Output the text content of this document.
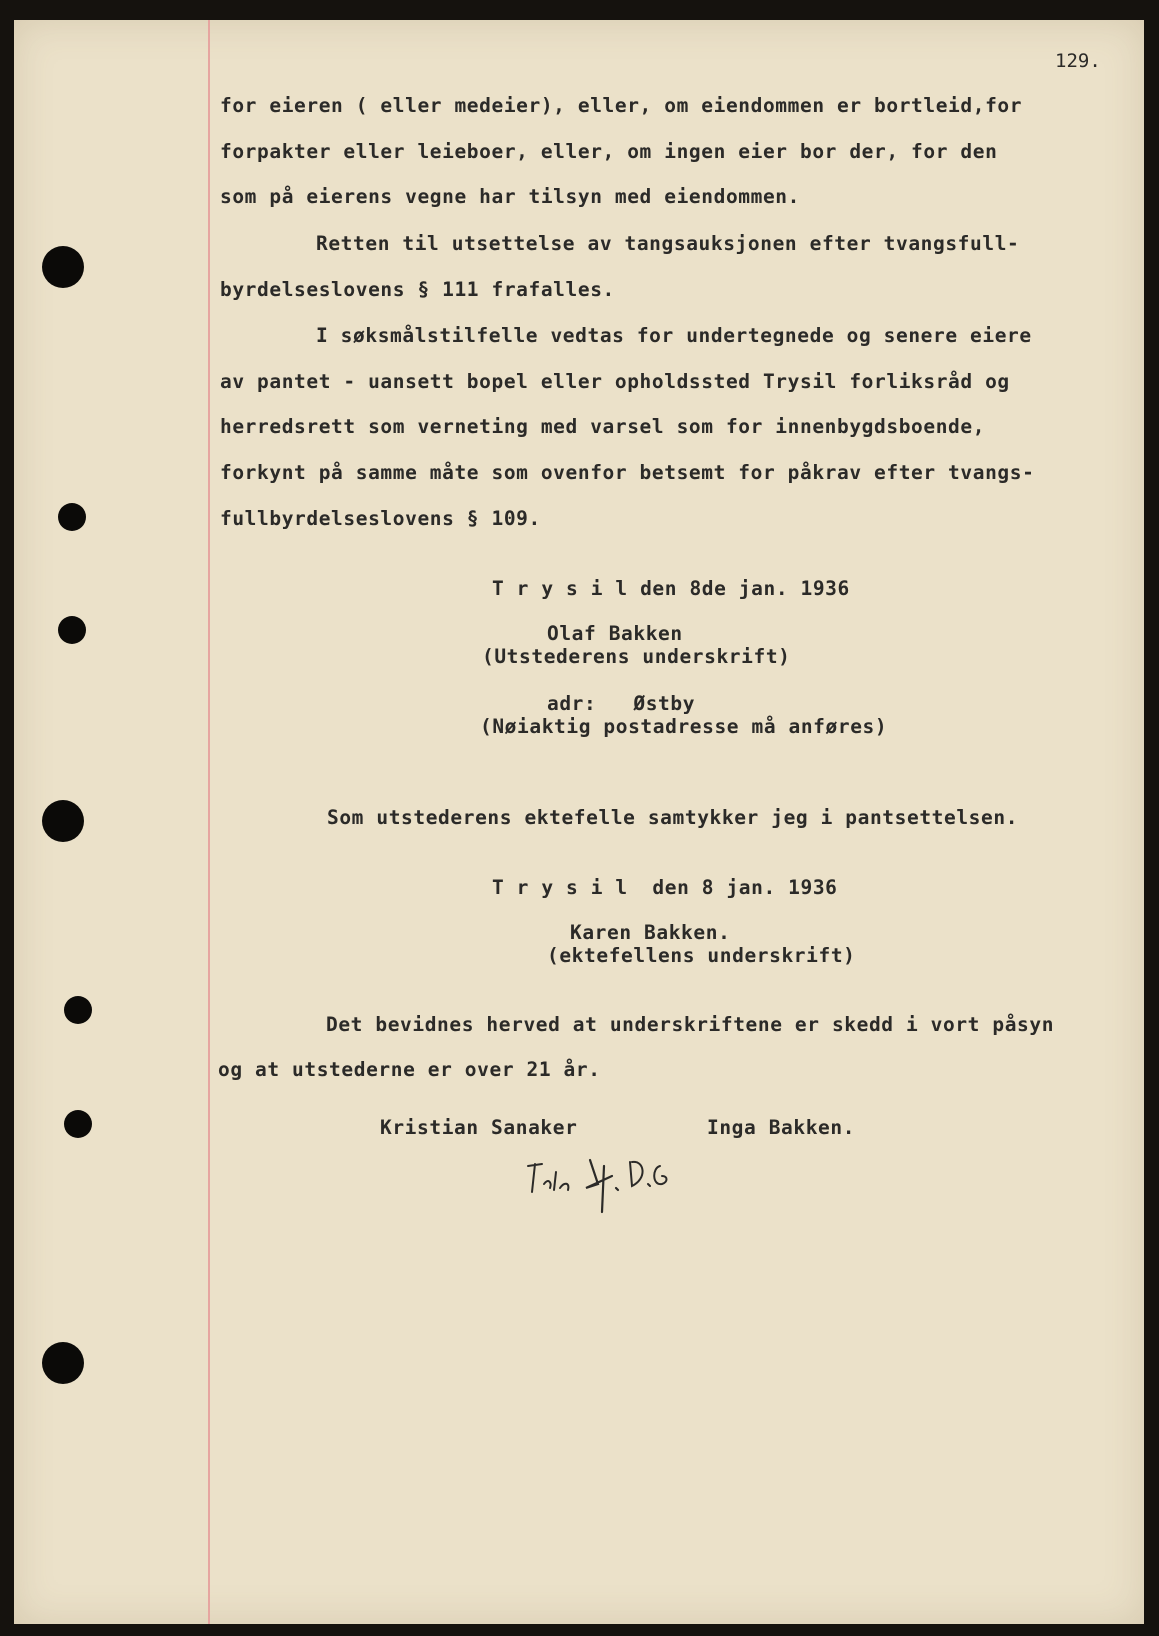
129.
for eieren ( eller medeier), eller, om eiendommen er bortleid,for
forpakter eller leieboer, eller, om ingen eier bor der, for den
som på eierens vegne har tilsyn med eiendommen.
Retten til utsettelse av tangsauksjonen efter tvangsfull-
byrdelseslovens § 111 frafalles.
I søksmålstilfelle vedtas for undertegnede og senere eiere
av pantet - uansett bopel eller opholdssted Trysil forliksråd og
herredsrett som verneting med varsel som for innenbygdsboende,
forkynt på samme måte som ovenfor betsemt for påkrav efter tvangs-
fullbyrdelseslovens § 109.
T r y s i l den 8de jan. 1936
Olaf Bakken
(Utstederens underskrift)
adr:   Østby
(Nøiaktig postadresse må anføres)
Som utstederens ektefelle samtykker jeg i pantsettelsen.
T r y s i l  den 8 jan. 1936
Karen Bakken.
(ektefellens underskrift)
Det bevidnes herved at underskriftene er skedd i vort påsyn
og at utstederne er over 21 år.
Kristian Sanaker	Inga Bakken.
